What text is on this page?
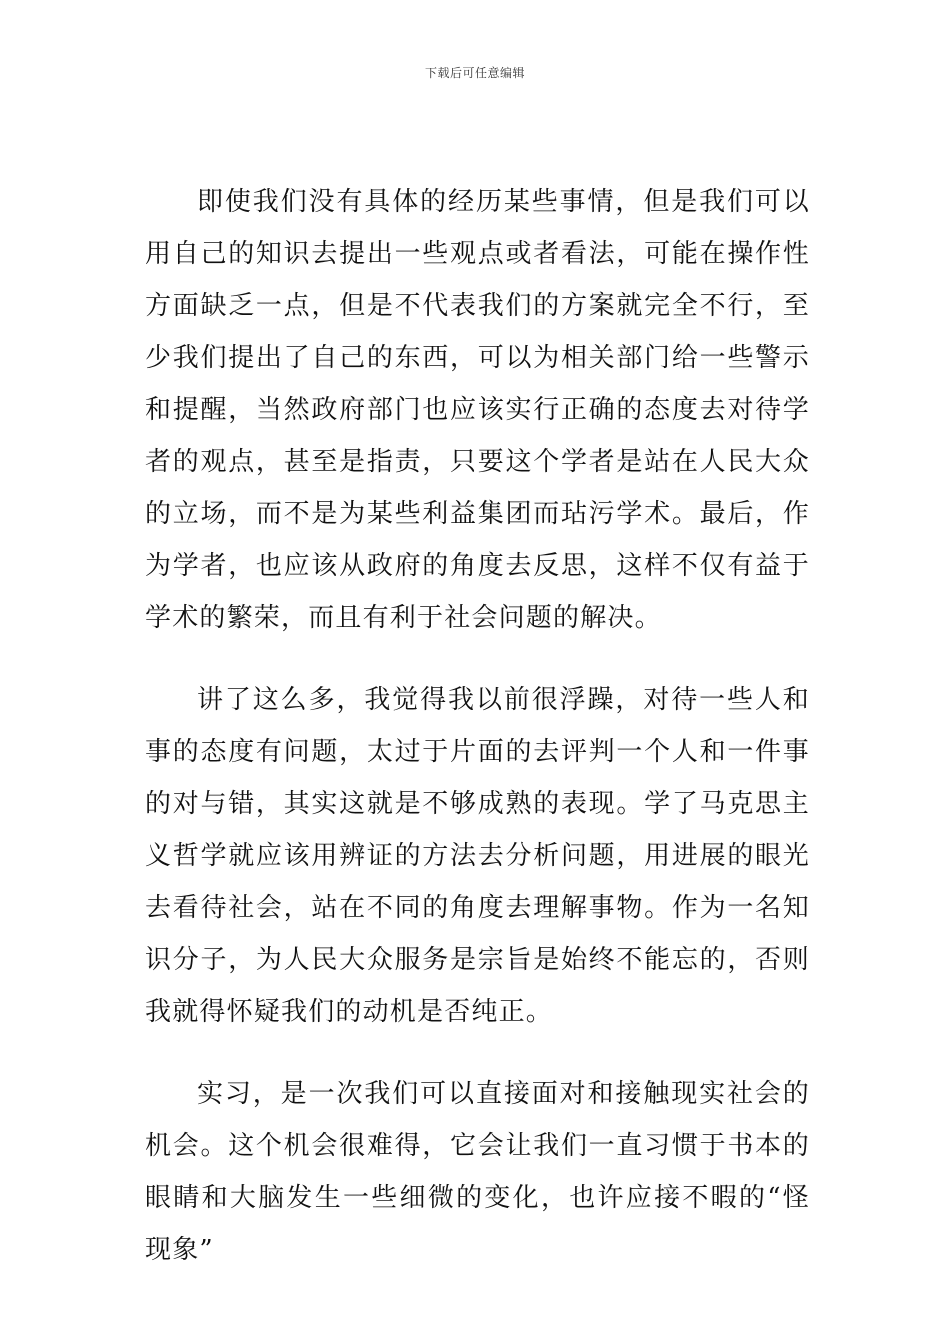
下载后可任意编辑

即使我们没有具体的经历某些事情，但是我们可以用自己的知识去提出一些观点或者看法，可能在操作性方面缺乏一点，但是不代表我们的方案就完全不行，至少我们提出了自己的东西，可以为相关部门给一些警示和提醒，当然政府部门也应该实行正确的态度去对待学者的观点，甚至是指责，只要这个学者是站在人民大众的立场，而不是为某些利益集团而玷污学术。最后，作为学者，也应该从政府的角度去反思，这样不仅有益于学术的繁荣，而且有利于社会问题的解决。

讲了这么多，我觉得我以前很浮躁，对待一些人和事的态度有问题，太过于片面的去评判一个人和一件事的对与错，其实这就是不够成熟的表现。学了马克思主义哲学就应该用辨证的方法去分析问题，用进展的眼光去看待社会，站在不同的角度去理解事物。作为一名知识分子，为人民大众服务是宗旨是始终不能忘的，否则我就得怀疑我们的动机是否纯正。

实习，是一次我们可以直接面对和接触现实社会的机会。这个机会很难得，它会让我们一直习惯于书本的眼睛和大脑发生一些细微的变化，也许应接不暇的“怪现象”
